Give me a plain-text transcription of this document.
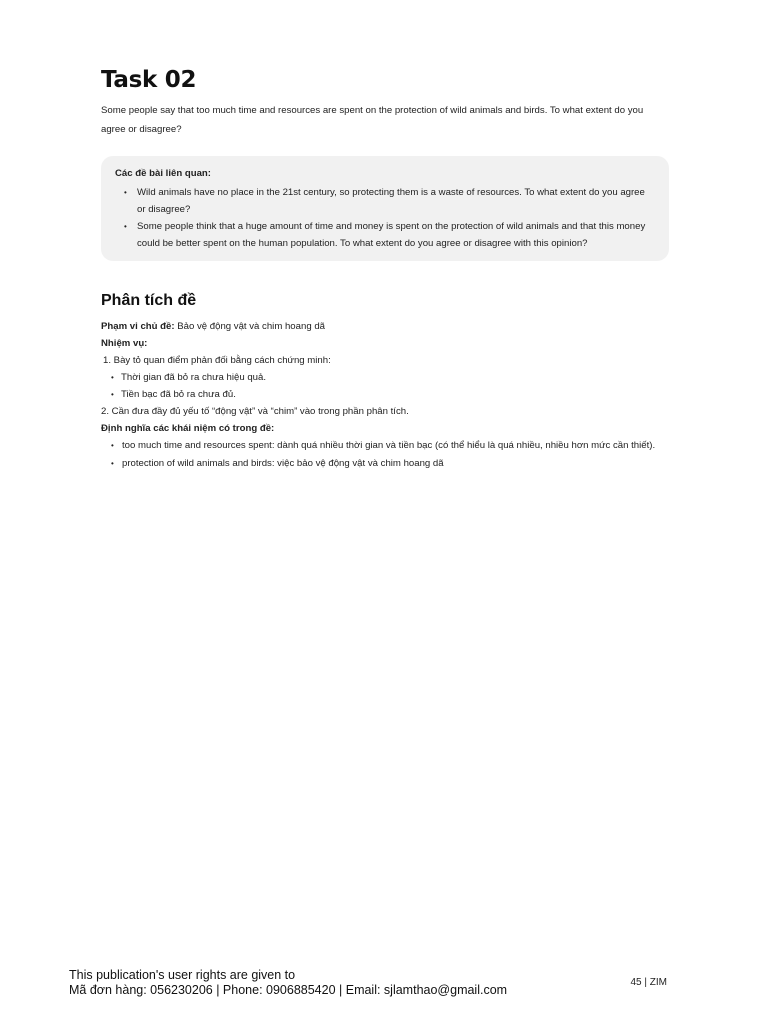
Task 02

Some people say that too much time and resources are spent on the protection of wild animals and birds. To what extent do you agree or disagree?

Các đề bài liên quan:

• Wild animals have no place in the 21st century, so protecting them is a waste of resources. To what extent do you agree or disagree?
• Some people think that a huge amount of time and money is spent on the protection of wild animals and that this money could be better spent on the human population. To what extent do you agree or disagree with this opinion?
Phân tích đề
Phạm vi chủ đề: Bảo vệ động vật và chim hoang dã
Nhiệm vụ:
1. Bày tỏ quan điểm phản đối bằng cách chứng minh:
• Thời gian đã bỏ ra chưa hiệu quả.
• Tiền bạc đã bỏ ra chưa đủ.
2. Cần đưa đầy đủ yếu tố “động vật” và “chim” vào trong phần phân tích.
Định nghĩa các khái niệm có trong đề:
• too much time and resources spent: dành quá nhiều thời gian và tiền bạc (có thể hiểu là quá nhiều, nhiều hơn mức cần thiết).
• protection of wild animals and birds: việc bảo vệ động vật và chim hoang dã
This publication's user rights are given to
Mã đơn hàng: 056230206 | Phone: 0906885420 | Email: sjlamthao@gmail.com
45 | ZIM
